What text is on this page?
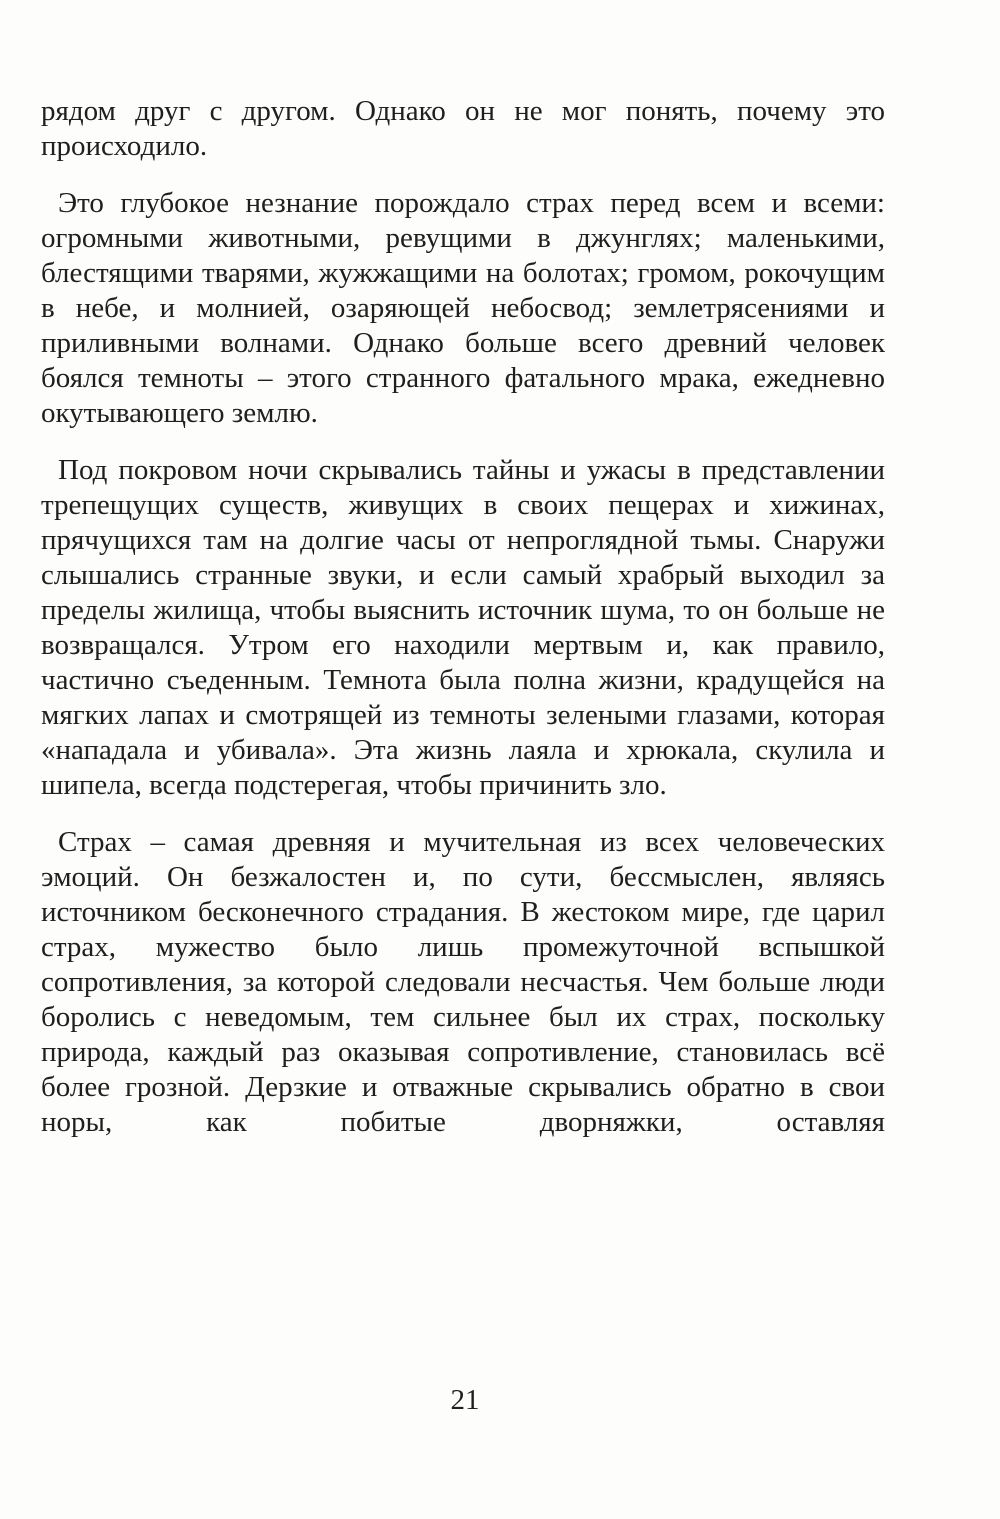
рядом друг с другом. Однако он не мог понять, почему это происходило.

Это глубокое незнание порождало страх перед всем и всеми: огромными животными, ревущими в джунглях; маленькими, блестящими тварями, жужжащими на болотах; громом, рокочущим в небе, и молнией, озаряющей небосвод; землетрясениями и приливными волнами. Однако больше всего древний человек боялся темноты – этого странного фатального мрака, ежедневно окутывающего землю.

Под покровом ночи скрывались тайны и ужасы в представлении трепещущих существ, живущих в своих пещерах и хижинах, прячущихся там на долгие часы от непроглядной тьмы. Снаружи слышались странные звуки, и если самый храбрый выходил за пределы жилища, чтобы выяснить источник шума, то он больше не возвращался. Утром его находили мертвым и, как правило, частично съеденным. Темнота была полна жизни, крадущейся на мягких лапах и смотрящей из темноты зелеными глазами, которая «нападала и убивала». Эта жизнь лаяла и хрюкала, скулила и шипела, всегда подстерегая, чтобы причинить зло.

Страх – самая древняя и мучительная из всех человеческих эмоций. Он безжалостен и, по сути, бессмыслен, являясь источником бесконечного страдания. В жестоком мире, где царил страх, мужество было лишь промежуточной вспышкой сопротивления, за которой следовали несчастья. Чем больше люди боролись с неведомым, тем сильнее был их страх, поскольку природа, каждый раз оказывая сопротивление, становилась всё более грозной. Дерзкие и отважные скрывались обратно в свои норы, как побитые дворняжки, оставляя

21
